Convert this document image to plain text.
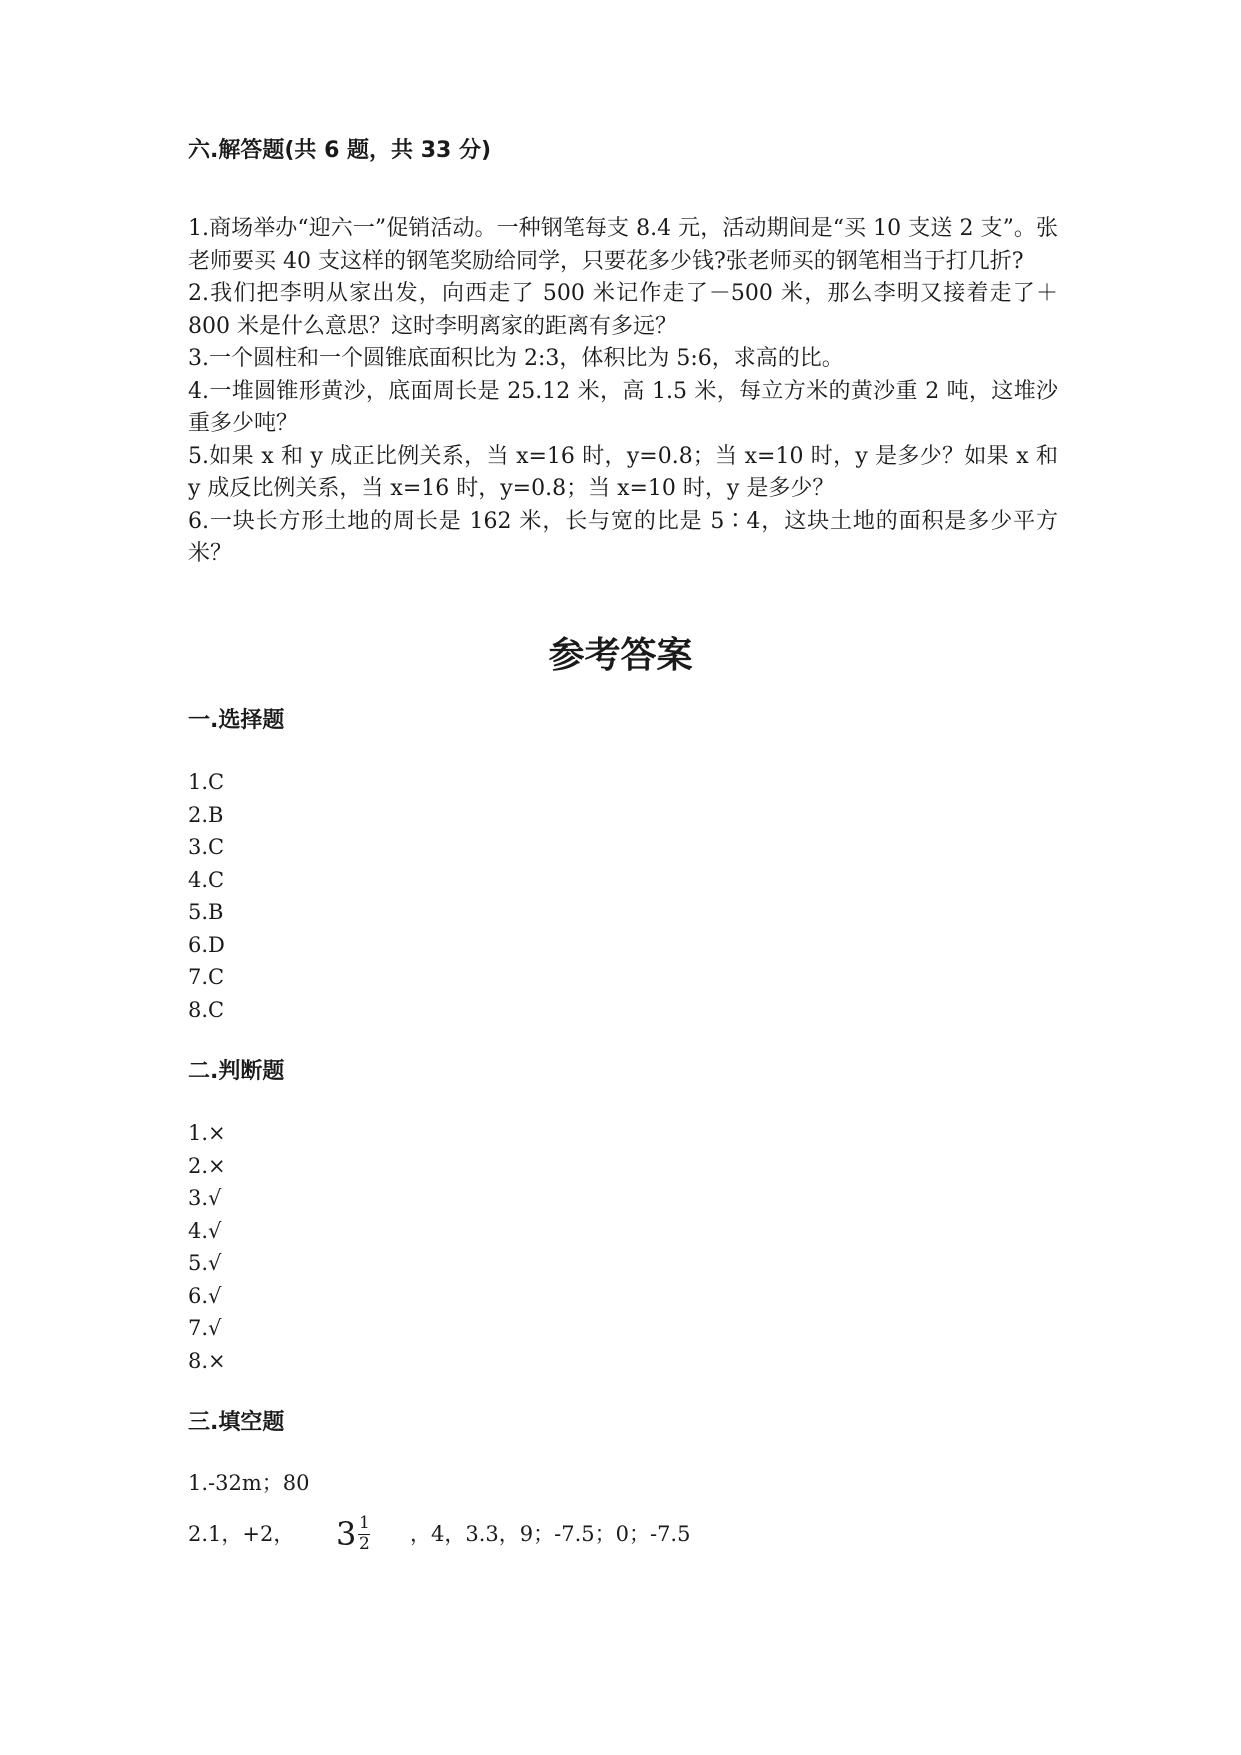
六.解答题(共 6 题，共 33 分)

1.商场举办“迎六一”促销活动。一种钢笔每支 8.4 元，活动期间是“买 10 支送 2 支”。张老师要买 40 支这样的钢笔奖励给同学，只要花多少钱?张老师买的钢笔相当于打几折?

2.我们把李明从家出发，向西走了 500 米记作走了－500 米，那么李明又接着走了＋800 米是什么意思？这时李明离家的距离有多远？

3.一个圆柱和一个圆锥底面积比为 2:3，体积比为 5:6，求高的比。

4.一堆圆锥形黄沙，底面周长是 25.12 米，高 1.5 米，每立方米的黄沙重 2 吨，这堆沙重多少吨？

5.如果 x 和 y 成正比例关系，当 x=16 时，y=0.8；当 x=10 时，y 是多少？如果 x 和 y 成反比例关系，当 x=16 时，y=0.8；当 x=10 时，y 是多少？

6.一块长方形土地的周长是 162 米，长与宽的比是 5∶4，这块土地的面积是多少平方米？

参考答案
一.选择题
1.C
2.B
3.C
4.C
5.B
6.D
7.C
8.C
二.判断题
1.×
2.×
3.√
4.√
5.√
6.√
7.√
8.×
三.填空题
1.-32m；80
2.1，+2， 3 1
2 ，4，3.3，9；-7.5；0；-7.5
